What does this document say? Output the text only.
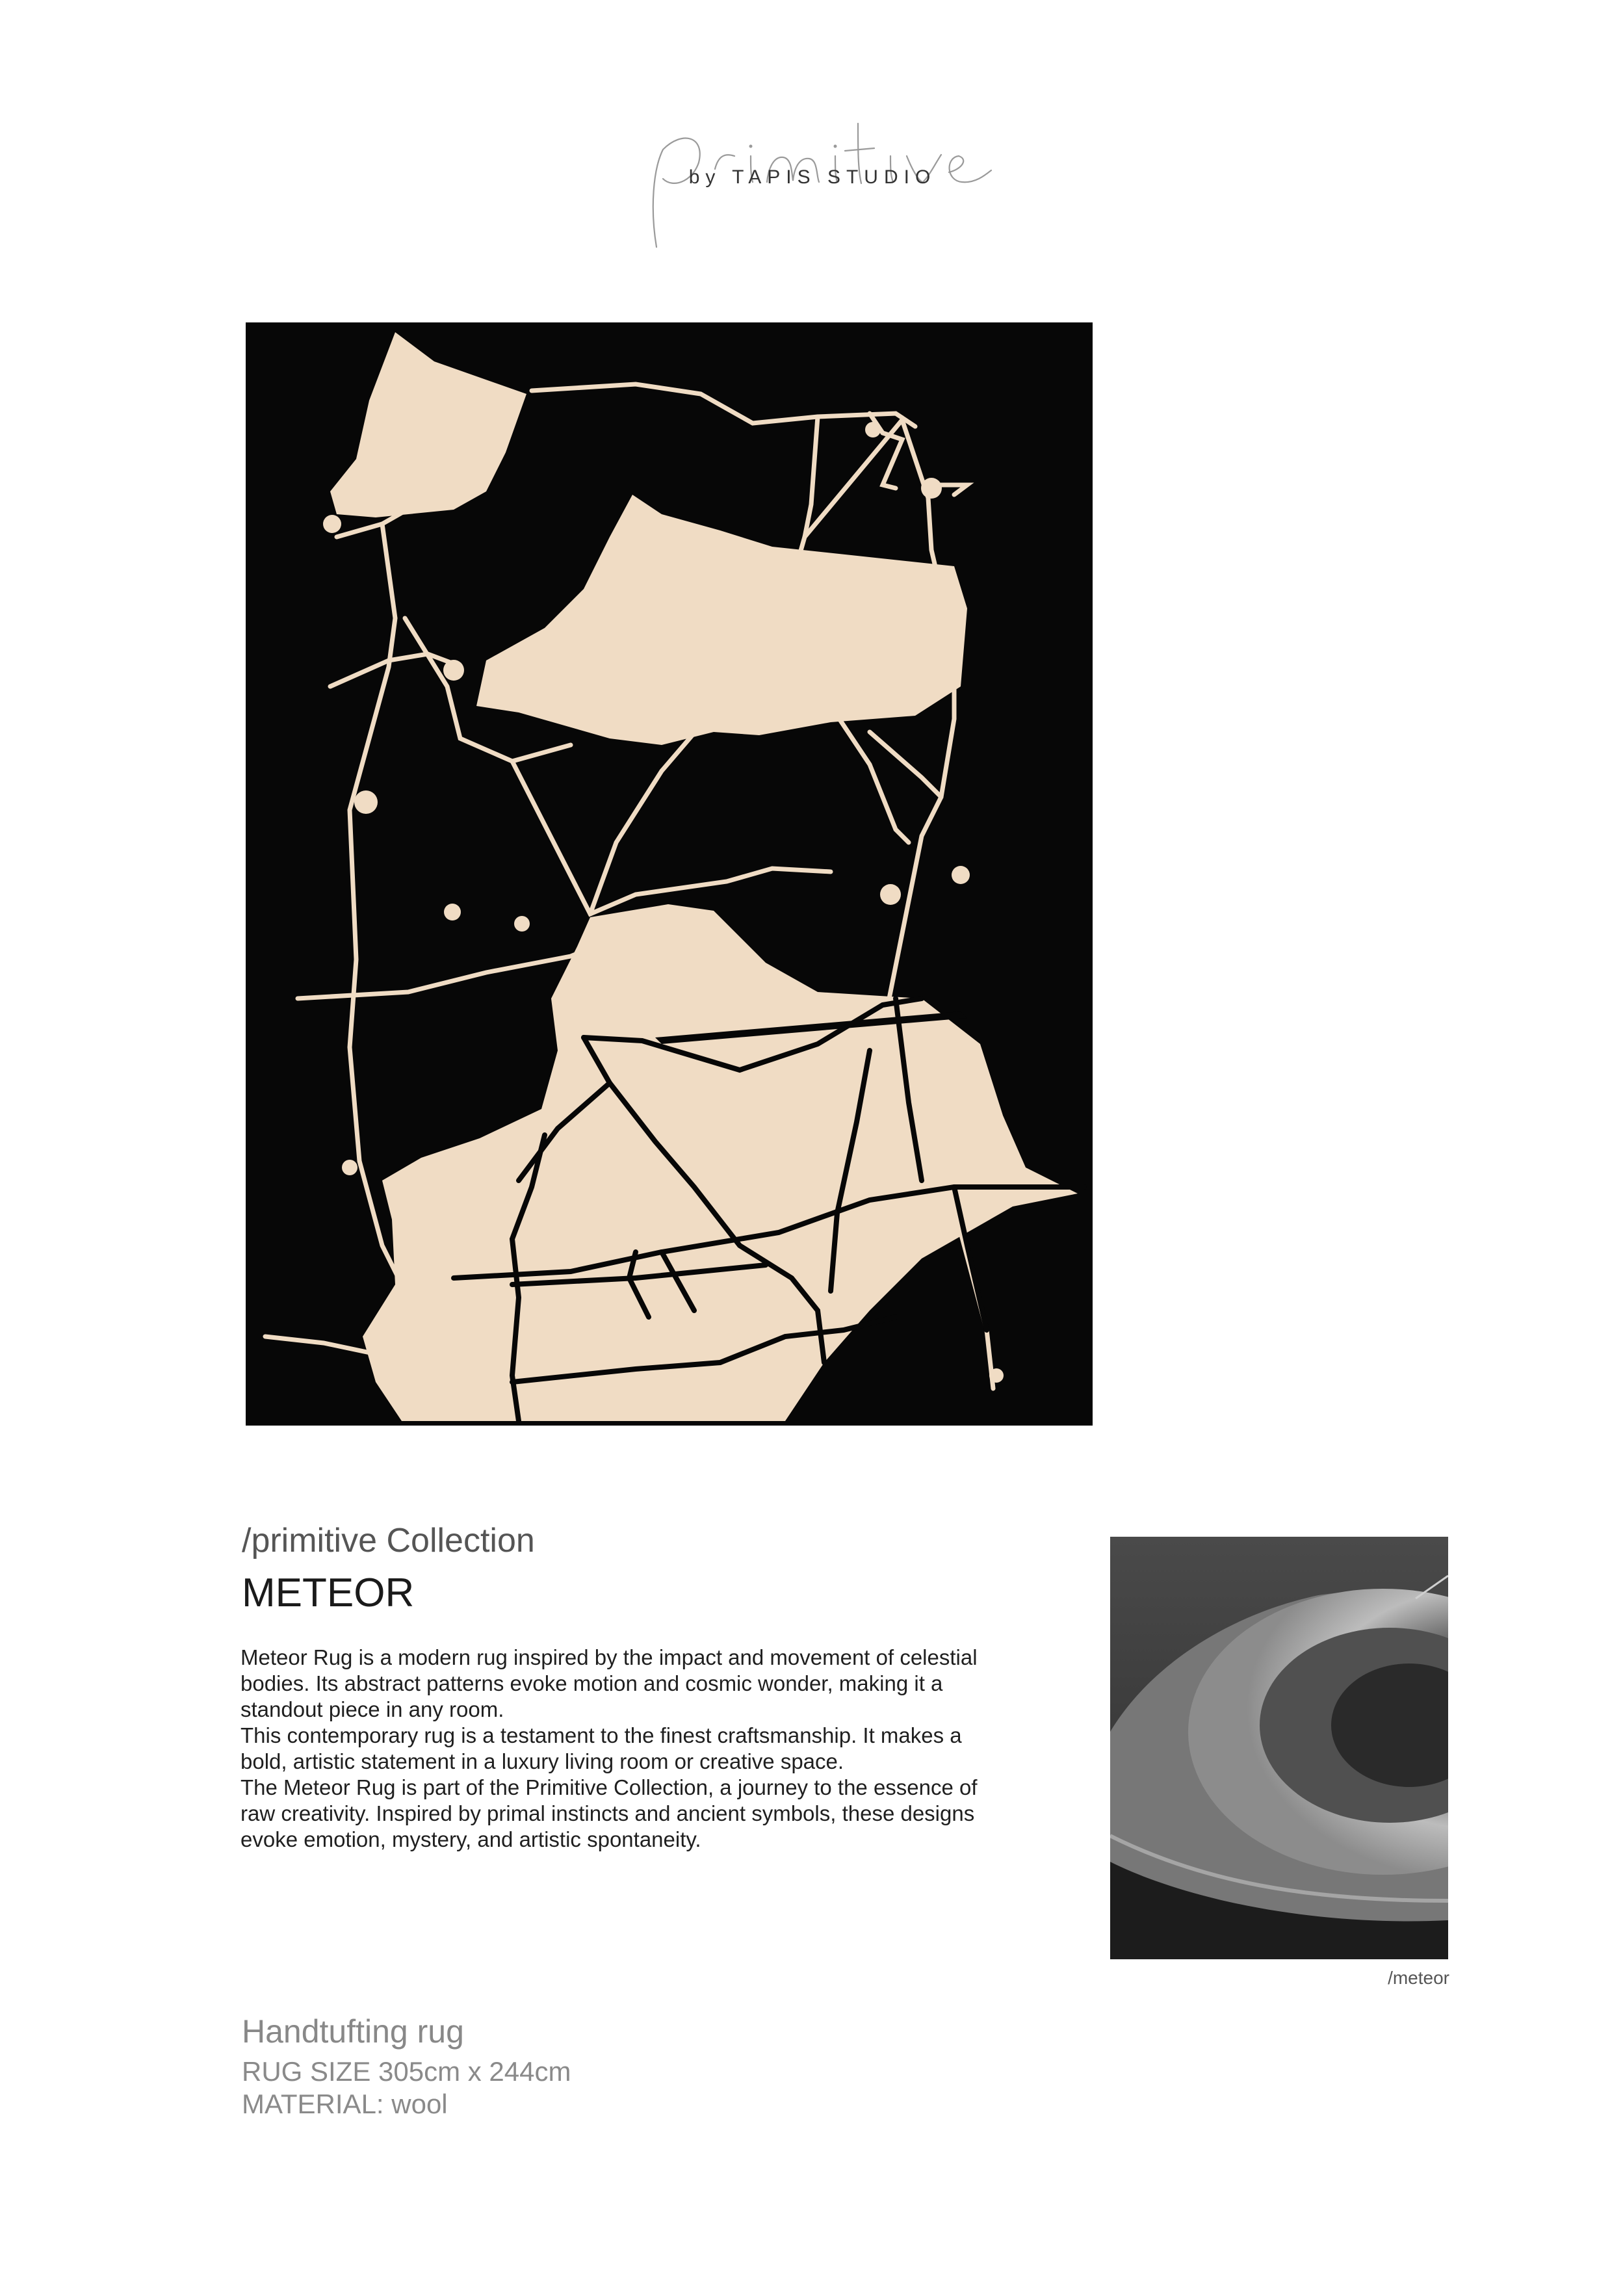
by TAPIS STUDIO
/primitive Collection
METEOR

Meteor Rug is a modern rug inspired by the impact and movement of celestial bodies. Its abstract patterns evoke motion and cosmic wonder, making it a standout piece in any room.

This contemporary rug is a testament to the finest craftsmanship. It makes a bold, artistic statement in a luxury living room or creative space.

The Meteor Rug is part of the Primitive Collection, a journey to the essence of raw creativity. Inspired by primal instincts and ancient symbols, these designs evoke emotion, mystery, and artistic spontaneity.

/meteor
Handtufting rug
RUG SIZE 305cm x 244cm
MATERIAL: wool
